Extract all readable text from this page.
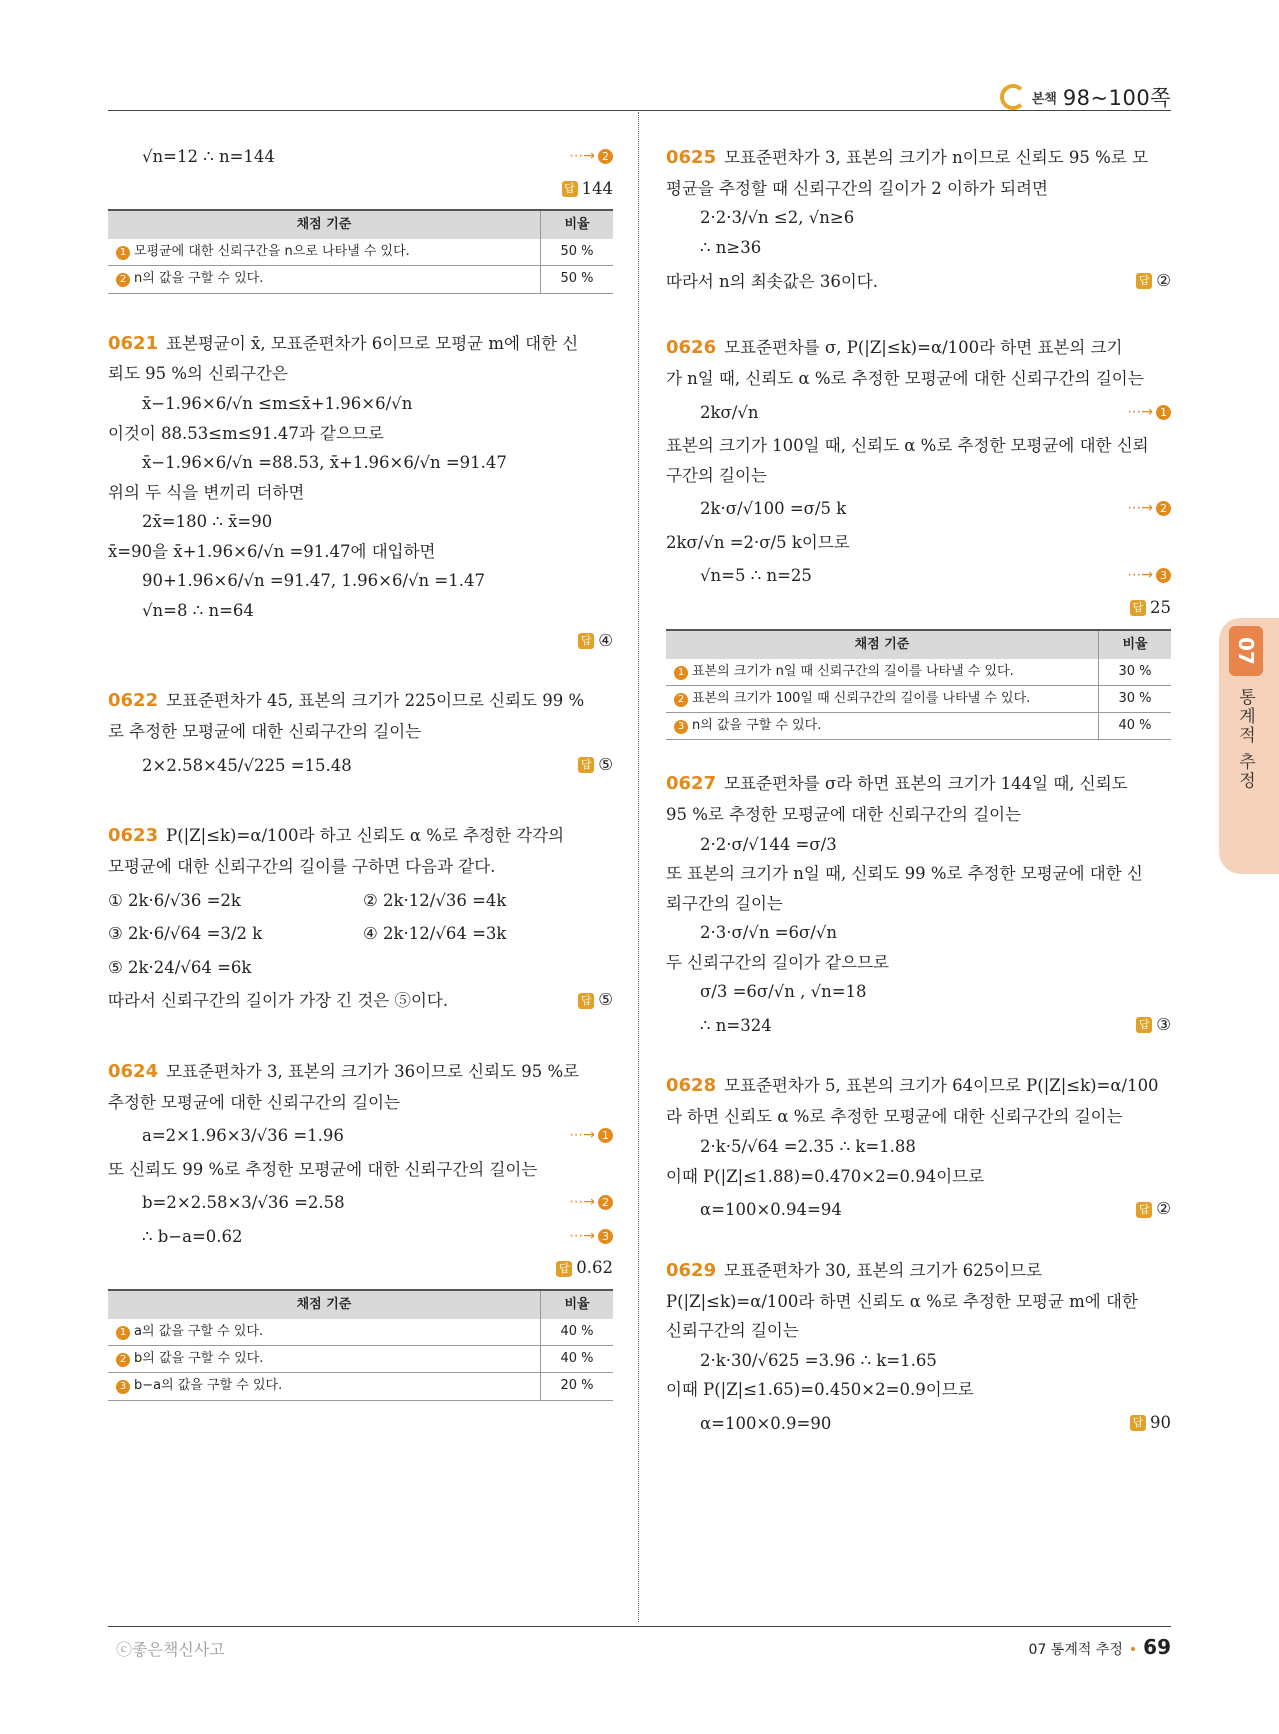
본책 98~100쪽
√n=12 ∴ n=144	⋯→ 2
답 144
채점 기준	비율
1 모평균에 대한 신뢰구간을 n으로 나타낼 수 있다.	50 %
2 n의 값을 구할 수 있다.	50 %
0621 표본평균이 x̄, 모표준편차가 6이므로 모평균 m에 대한 신
뢰도 95 %의 신뢰구간은
x̄−1.96×6/√n ≤m≤x̄+1.96×6/√n
이것이 88.53≤m≤91.47과 같으므로
x̄−1.96×6/√n =88.53, x̄+1.96×6/√n =91.47
위의 두 식을 변끼리 더하면
2x̄=180 ∴ x̄=90
x̄=90을 x̄+1.96×6/√n =91.47에 대입하면
90+1.96×6/√n =91.47, 1.96×6/√n =1.47
√n=8 ∴ n=64
답 ④
0622 모표준편차가 45, 표본의 크기가 225이므로 신뢰도 99 %
로 추정한 모평균에 대한 신뢰구간의 길이는
2×2.58×45/√225 =15.48	답 ⑤
0623 P(|Z|≤k)=α/100라 하고 신뢰도 α %로 추정한 각각의
모평균에 대한 신뢰구간의 길이를 구하면 다음과 같다.
① 2k·6/√36 =2k	② 2k·12/√36 =4k
③ 2k·6/√64 =3/2 k	④ 2k·12/√64 =3k
⑤ 2k·24/√64 =6k
따라서 신뢰구간의 길이가 가장 긴 것은 ⑤이다.	답 ⑤
0624 모표준편차가 3, 표본의 크기가 36이므로 신뢰도 95 %로
추정한 모평균에 대한 신뢰구간의 길이는
a=2×1.96×3/√36 =1.96	⋯→ 1
또 신뢰도 99 %로 추정한 모평균에 대한 신뢰구간의 길이는
b=2×2.58×3/√36 =2.58	⋯→ 2
∴ b−a=0.62	⋯→ 3
답 0.62
채점 기준	비율
1 a의 값을 구할 수 있다.	40 %
2 b의 값을 구할 수 있다.	40 %
3 b−a의 값을 구할 수 있다.	20 %
0625 모표준편차가 3, 표본의 크기가 n이므로 신뢰도 95 %로 모
평균을 추정할 때 신뢰구간의 길이가 2 이하가 되려면
2·2·3/√n ≤2, √n≥6
∴ n≥36
따라서 n의 최솟값은 36이다.	답 ②
0626 모표준편차를 σ, P(|Z|≤k)=α/100라 하면 표본의 크기
가 n일 때, 신뢰도 α %로 추정한 모평균에 대한 신뢰구간의 길이는
2kσ/√n	⋯→ 1
표본의 크기가 100일 때, 신뢰도 α %로 추정한 모평균에 대한 신뢰
구간의 길이는
2k·σ/√100 =σ/5 k	⋯→ 2
2kσ/√n =2·σ/5 k이므로
√n=5 ∴ n=25	⋯→ 3
답 25
채점 기준	비율
1 표본의 크기가 n일 때 신뢰구간의 길이를 나타낼 수 있다.	30 %
2 표본의 크기가 100일 때 신뢰구간의 길이를 나타낼 수 있다.	30 %
3 n의 값을 구할 수 있다.	40 %
0627 모표준편차를 σ라 하면 표본의 크기가 144일 때, 신뢰도
95 %로 추정한 모평균에 대한 신뢰구간의 길이는
2·2·σ/√144 =σ/3
또 표본의 크기가 n일 때, 신뢰도 99 %로 추정한 모평균에 대한 신
뢰구간의 길이는
2·3·σ/√n =6σ/√n
두 신뢰구간의 길이가 같으므로
σ/3 =6σ/√n , √n=18
∴ n=324	답 ③
0628 모표준편차가 5, 표본의 크기가 64이므로 P(|Z|≤k)=α/100
라 하면 신뢰도 α %로 추정한 모평균에 대한 신뢰구간의 길이는
2·k·5/√64 =2.35 ∴ k=1.88
이때 P(|Z|≤1.88)=0.470×2=0.94이므로
α=100×0.94=94	답 ②
0629 모표준편차가 30, 표본의 크기가 625이므로
P(|Z|≤k)=α/100라 하면 신뢰도 α %로 추정한 모평균 m에 대한
신뢰구간의 길이는
2·k·30/√625 =3.96 ∴ k=1.65
이때 P(|Z|≤1.65)=0.450×2=0.9이므로
α=100×0.9=90	답 90
07
통계적 추정
ⓒ좋은책신사고	07 통계적 추정 • 69
